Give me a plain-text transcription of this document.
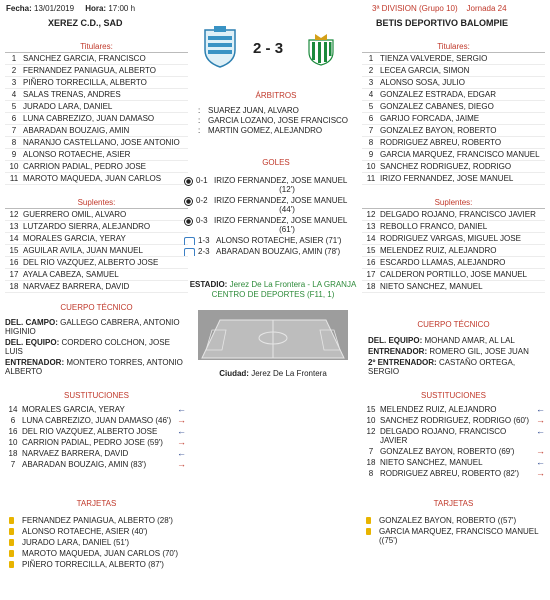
Fecha: 13/01/2019 Hora: 17:00 h	3ª DIVISION (Grupo 10) Jornada 24
XEREZ C.D., SAD	BETIS DEPORTIVO BALOMPIE
2 - 3
Titulares:
1 SANCHEZ GARCIA, FRANCISCO
2 FERNANDEZ PANIAGUA, ALBERTO
3 PIÑERO TORRECILLA, ALBERTO
4 SALAS TRENAS, ANDRES
5 JURADO LARA, DANIEL
6 LUNA CABREZIZO, JUAN DAMASO
7 ABARADAN BOUZAIG, AMIN
8 NARANJO CASTELLANO, JOSE ANTONIO
9 ALONSO ROTAECHE, ASIER
10 CARRION PADIAL, PEDRO JOSE
11 MAROTO MAQUEDA, JUAN CARLOS
Titulares:
1 TIENZA VALVERDE, SERGIO
2 LECEA GARCIA, SIMON
3 ALONSO SOSA, JULIO
4 GONZALEZ ESTRADA, EDGAR
5 GONZALEZ CABANES, DIEGO
6 GARIJO FORCADA, JAIME
7 GONZALEZ BAYON, ROBERTO
8 RODRIGUEZ ABREU, ROBERTO
9 GARCIA MARQUEZ, FRANCISCO MANUEL
10 SANCHEZ RODRIGUEZ, RODRIGO
11 IRIZO FERNANDEZ, JOSE MANUEL
Suplentes:
12 GUERRERO OMIL, ALVARO
13 LUTZARDO SIERRA, ALEJANDRO
14 MORALES GARCIA, YERAY
15 AGUILAR AVILA, JUAN MANUEL
16 DEL RIO VAZQUEZ, ALBERTO JOSE
17 AYALA CABEZA, SAMUEL
18 NARVAEZ BARRERA, DAVID
Suplentes:
12 DELGADO ROJANO, FRANCISCO JAVIER
13 REBOLLO FRANCO, DANIEL
14 RODRIGUEZ VARGAS, MIGUEL JOSE
15 MELENDEZ RUIZ, ALEJANDRO
16 ESCARDO LLAMAS, ALEJANDRO
17 CALDERON PORTILLO, JOSE MANUEL
18 NIETO SANCHEZ, MANUEL
ÁRBITROS
: SUAREZ JUAN, ALVARO
: GARCIA LOZANO, JOSE FRANCISCO
: MARTIN GOMEZ, ALEJANDRO
GOLES
0-1 IRIZO FERNANDEZ, JOSE MANUEL
(12')
0-2 IRIZO FERNANDEZ, JOSE MANUEL
(44')
0-3 IRIZO FERNANDEZ, JOSE MANUEL
(61')
1-3 ALONSO ROTAECHE, ASIER (71')
2-3 ABARADAN BOUZAIG, AMIN (78')
ESTADIO: Jerez De La Frontera - LA GRANJA CENTRO DE DEPORTES (F11, 1)
Ciudad: Jerez De La Frontera
CUERPO TÉCNICO

DEL. CAMPO: GALLEGO CABRERA, ANTONIO HIGINIO

DEL. EQUIPO: CORDERO COLCHON, JOSE LUIS

ENTRENADOR: MONTERO TORRES, ANTONIO ALBERTO

CUERPO TÉCNICO

DEL. EQUIPO: MOHAND AMAR, AL LAL

ENTRENADOR: ROMERO GIL, JOSE JUAN

2º ENTRENADOR: CASTAÑO ORTEGA, SERGIO

SUSTITUCIONES
14 MORALES GARCIA, YERAY	←
6 LUNA CABREZIZO, JUAN DAMASO (46') →
16 DEL RIO VAZQUEZ, ALBERTO JOSE	←
10 CARRION PADIAL, PEDRO JOSE (59')	→
18 NARVAEZ BARRERA, DAVID	←
7 ABARADAN BOUZAIG, AMIN (83')	→
SUSTITUCIONES
15 MELENDEZ RUIZ, ALEJANDRO	←
10 SANCHEZ RODRIGUEZ, RODRIGO (60') →
12 DELGADO ROJANO, FRANCISCO JAVIER
←
7 GONZALEZ BAYON, ROBERTO (69')	→
18 NIETO SANCHEZ, MANUEL	←
8 RODRIGUEZ ABREU, ROBERTO (82')	→
TARJETAS
FERNANDEZ PANIAGUA, ALBERTO (28')
ALONSO ROTAECHE, ASIER (40')
JURADO LARA, DANIEL (51')
MAROTO MAQUEDA, JUAN CARLOS (70')
PIÑERO TORRECILLA, ALBERTO (87')
TARJETAS
GONZALEZ BAYON, ROBERTO ((57')
GARCIA MARQUEZ, FRANCISCO MANUEL ((75')
